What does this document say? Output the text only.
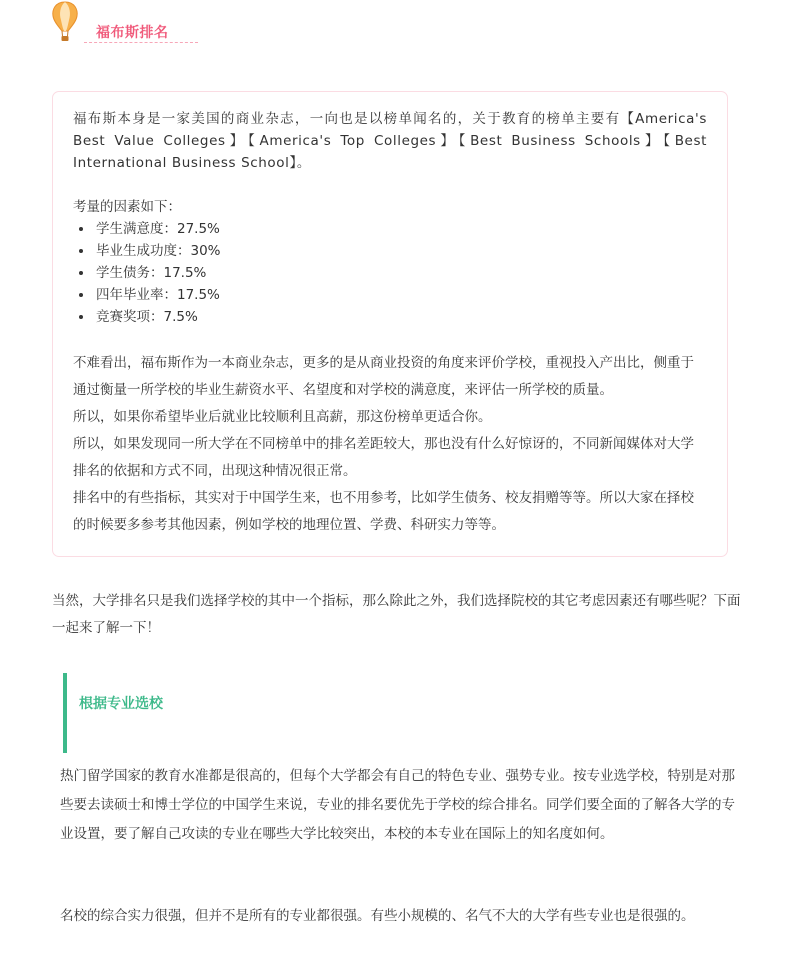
福布斯排名

福布斯本身是一家美国的商业杂志，一向也是以榜单闻名的，关于教育的榜单主要有【America's Best Value Colleges】【America's Top Colleges】【Best Business Schools】【Best International Business School】。

考量的因素如下：
• 学生满意度：27.5%
• 毕业生成功度：30%
• 学生债务：17.5%
• 四年毕业率：17.5%
• 竞赛奖项：7.5%

不难看出，福布斯作为一本商业杂志，更多的是从商业投资的角度来评价学校，重视投入产出比，侧重于通过衡量一所学校的毕业生薪资水平、名望度和对学校的满意度，来评估一所学校的质量。

所以，如果你希望毕业后就业比较顺利且高薪，那这份榜单更适合你。

所以，如果发现同一所大学在不同榜单中的排名差距较大，那也没有什么好惊讶的，不同新闻媒体对大学排名的依据和方式不同，出现这种情况很正常。

排名中的有些指标，其实对于中国学生来，也不用参考，比如学生债务、校友捐赠等等。所以大家在择校的时候要多参考其他因素，例如学校的地理位置、学费、科研实力等等。

当然，大学排名只是我们选择学校的其中一个指标，那么除此之外，我们选择院校的其它考虑因素还有哪些呢？下面一起来了解一下！

根据专业选校

热门留学国家的教育水准都是很高的，但每个大学都会有自己的特色专业、强势专业。按专业选学校，特别是对那些要去读硕士和博士学位的中国学生来说，专业的排名要优先于学校的综合排名。同学们要全面的了解各大学的专业设置，要了解自己攻读的专业在哪些大学比较突出，本校的本专业在国际上的知名度如何。

名校的综合实力很强，但并不是所有的专业都很强。有些小规模的、名气不大的大学有些专业也是很强的。
